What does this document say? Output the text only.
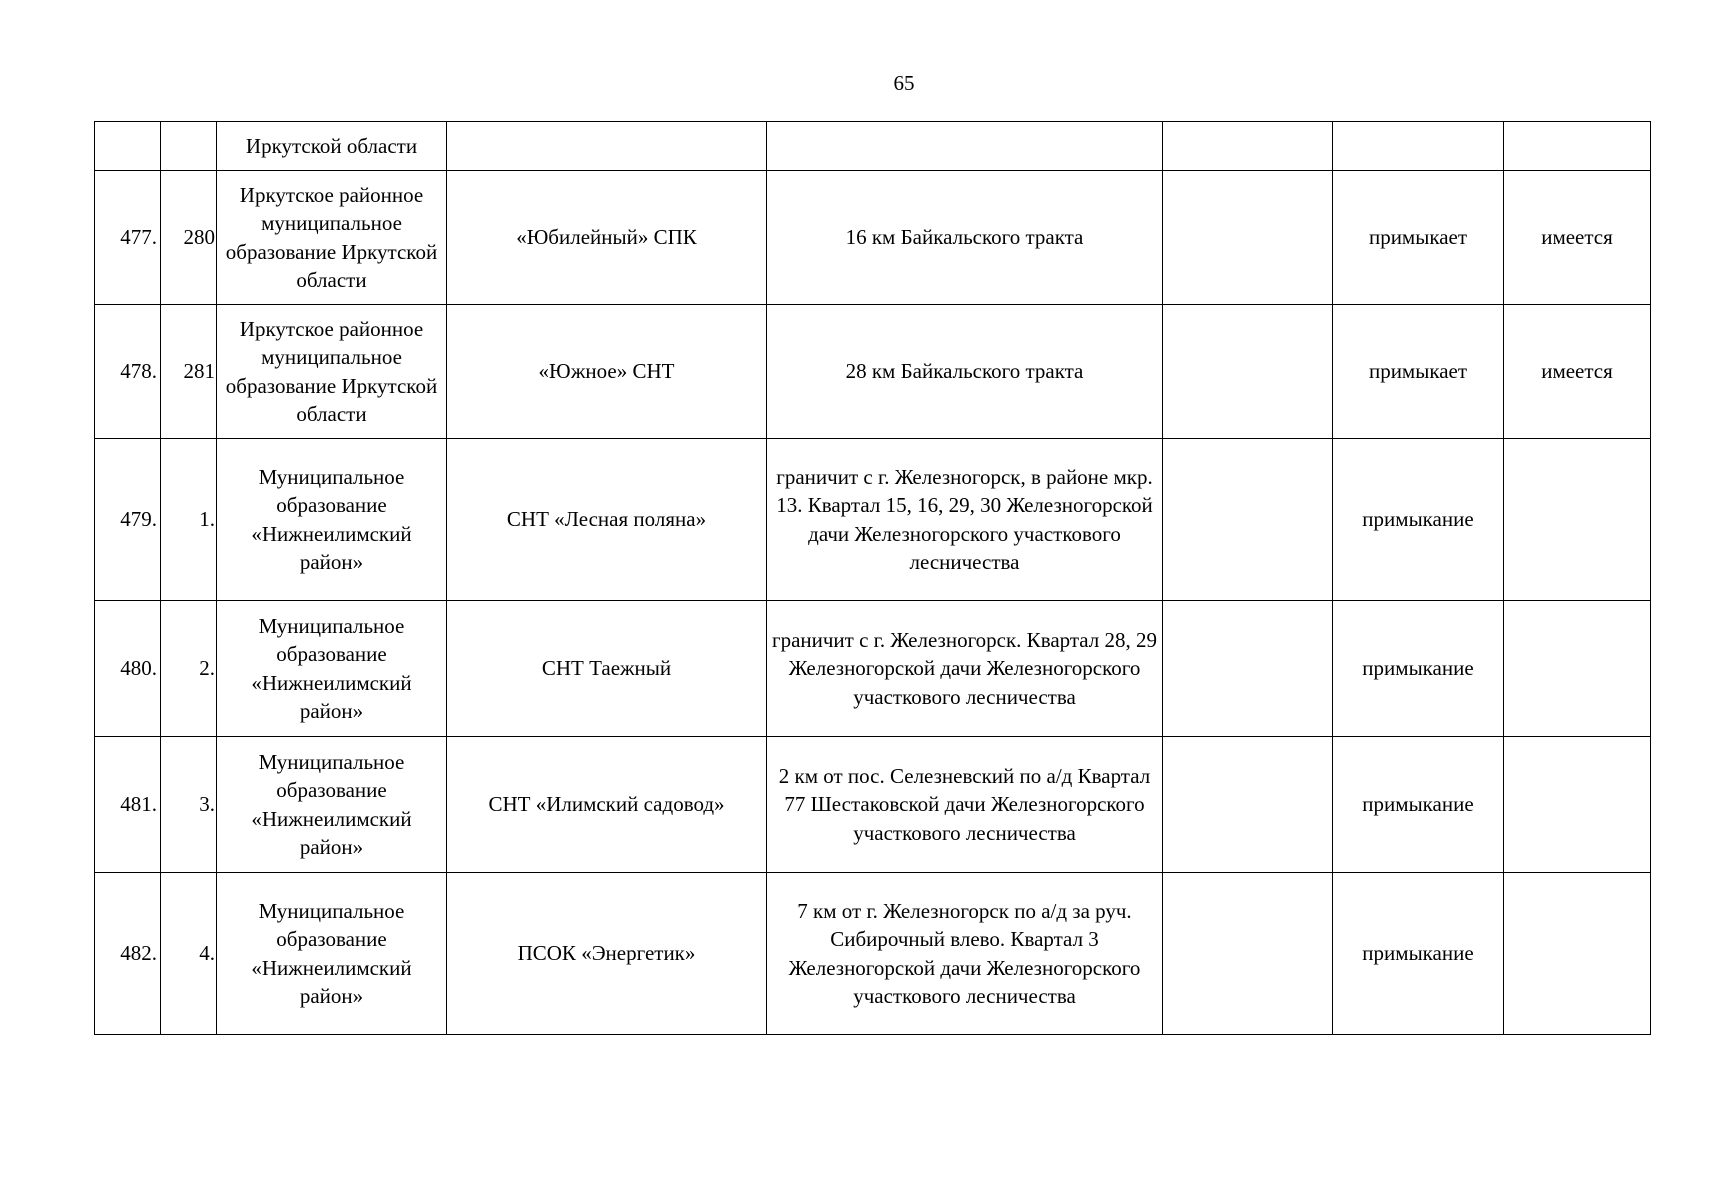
65
		Иркутской области					
477.	280	Иркутское районное муниципальное образование Иркутской области	«Юбилейный» СПК	16 км Байкальского тракта		примыкает	имеется
478.	281	Иркутское районное муниципальное образование Иркутской области	«Южное» СНТ	28 км Байкальского тракта		примыкает	имеется
479.	1.	Муниципальное образование «Нижнеилимский район»	СНТ «Лесная поляна»	граничит с г. Железногорск, в районе мкр. 13. Квартал 15, 16, 29, 30 Железногорской дачи Железногорского участкового лесничества		примыкание	
480.	2.	Муниципальное образование «Нижнеилимский район»	СНТ Таежный	граничит с г. Железногорск. Квартал 28, 29 Железногорской дачи Железногорского участкового лесничества		примыкание	
481.	3.	Муниципальное образование «Нижнеилимский район»	СНТ «Илимский садовод»	2 км от пос. Селезневский по а/д Квартал 77 Шестаковской дачи Железногорского участкового лесничества		примыкание	
482.	4.	Муниципальное образование «Нижнеилимский район»	ПСОК «Энергетик»	7 км от г. Железногорск по а/д за руч. Сибирочный влево. Квартал 3 Железногорской дачи Железногорского участкового лесничества		примыкание	
